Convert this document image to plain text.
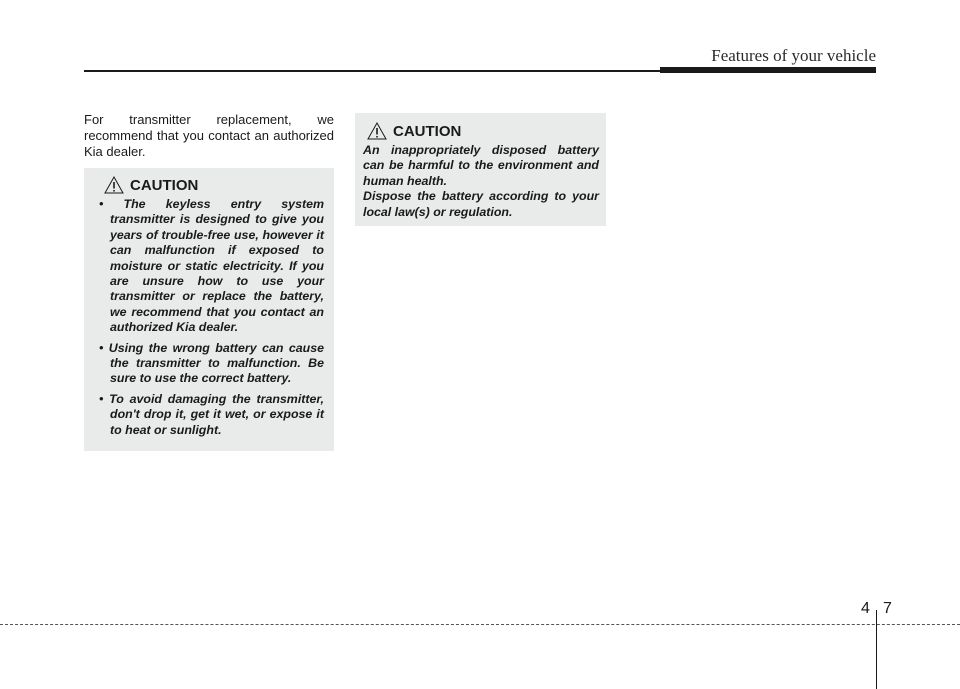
Features of your vehicle

For transmitter replacement, we recommend that you contact an authorized Kia dealer.

CAUTION
• The keyless entry system transmitter is designed to give you years of trouble-free use, however it can malfunction if exposed to moisture or static electricity. If you are unsure how to use your transmitter or replace the battery, we recommend that you contact an authorized Kia dealer.
• Using the wrong battery can cause the transmitter to malfunction. Be sure to use the correct battery.
• To avoid damaging the transmitter, don't drop it, get it wet, or expose it to heat or sunlight.
CAUTION

An inappropriately disposed battery can be harmful to the environment and human health.

Dispose the battery according to your local law(s) or regulation.

4 7
